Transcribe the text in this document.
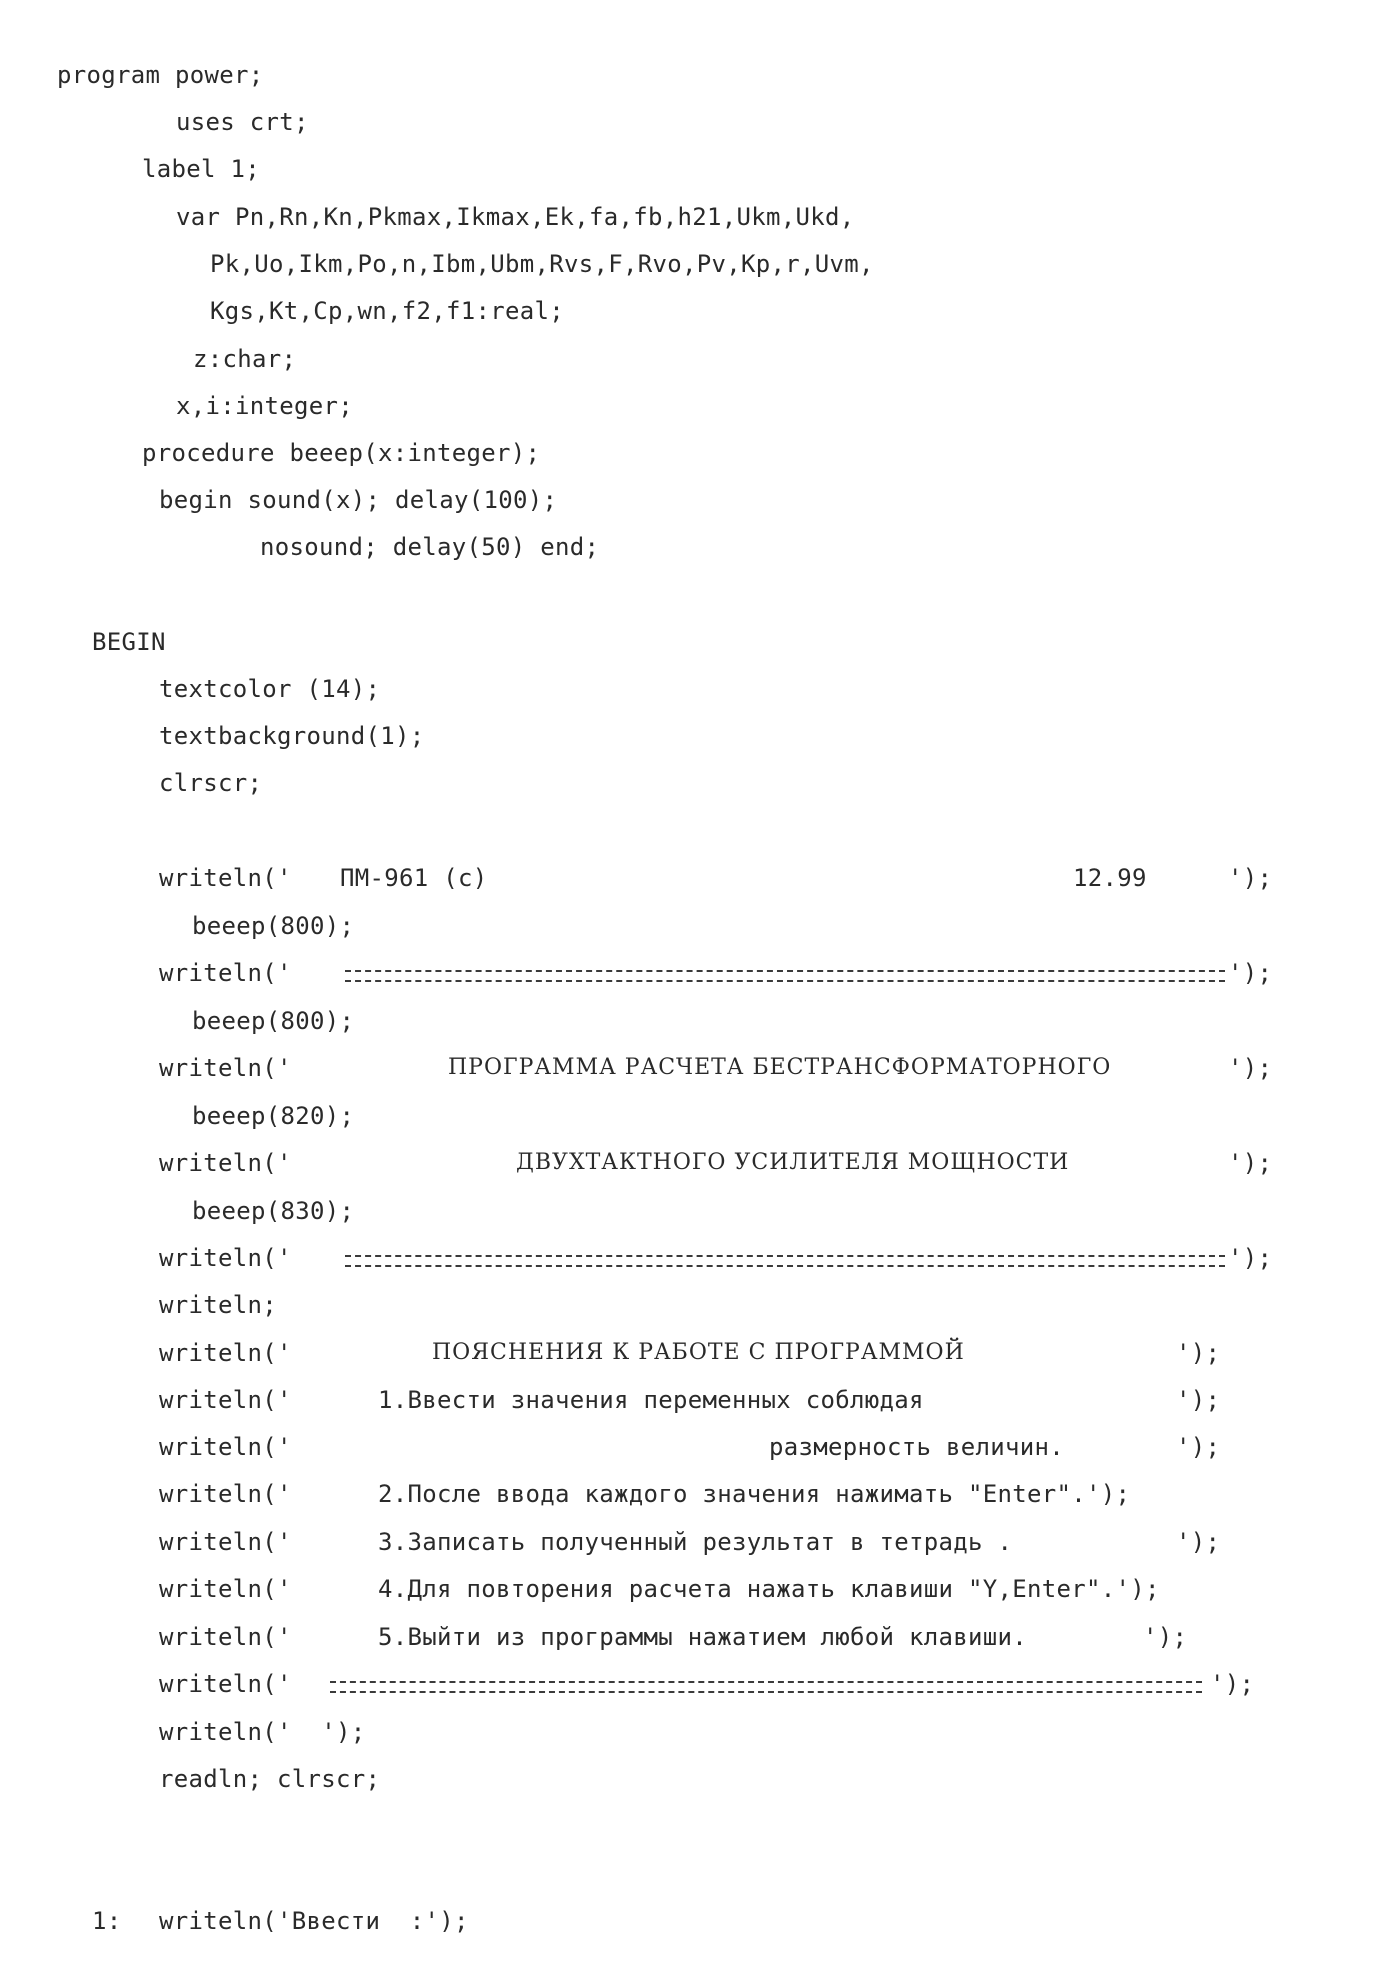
program power;
uses crt;
label 1;
var Pn,Rn,Kn,Pkmax,Ikmax,Ek,fa,fb,h21,Ukm,Ukd,
Pk,Uo,Ikm,Po,n,Ibm,Ubm,Rvs,F,Rvo,Pv,Kp,r,Uvm,
Kgs,Kt,Cp,wn,f2,f1:real;
z:char;
x,i:integer;
procedure beeep(x:integer);
begin sound(x); delay(100);
nosound; delay(50) end;
BEGIN
textcolor (14);
textbackground(1);
clrscr;
writeln(' ПМ-961 (c)	12.99	');
beeep(800);
writeln('	');
beeep(800);
writeln('	ПРОГРАММА РАСЧЕТА БЕСТРАНСФОРМАТОРНОГО	');
beeep(820);
writeln('	ДВУХТАКТНОГО УСИЛИТЕЛЯ МОЩНОСТИ	');
beeep(830);
writeln('	');
writeln;
writeln('	ПОЯСНЕНИЯ К РАБОТЕ С ПРОГРАММОЙ	');
writeln('	1.Ввести значения переменных соблюдая	');
writeln('	размерность величин.	');
writeln('	2.После ввода каждого значения нажимать "Enter".');
writeln('	3.Записать полученный результат в тетрадь .	');
writeln('	4.Для повторения расчета нажать клавиши "Y,Enter".');
writeln('	5.Выйти из программы нажатием любой клавиши.	');
writeln('	');
writeln('  ');
readln; clrscr;
1: writeln('Ввести  :');
